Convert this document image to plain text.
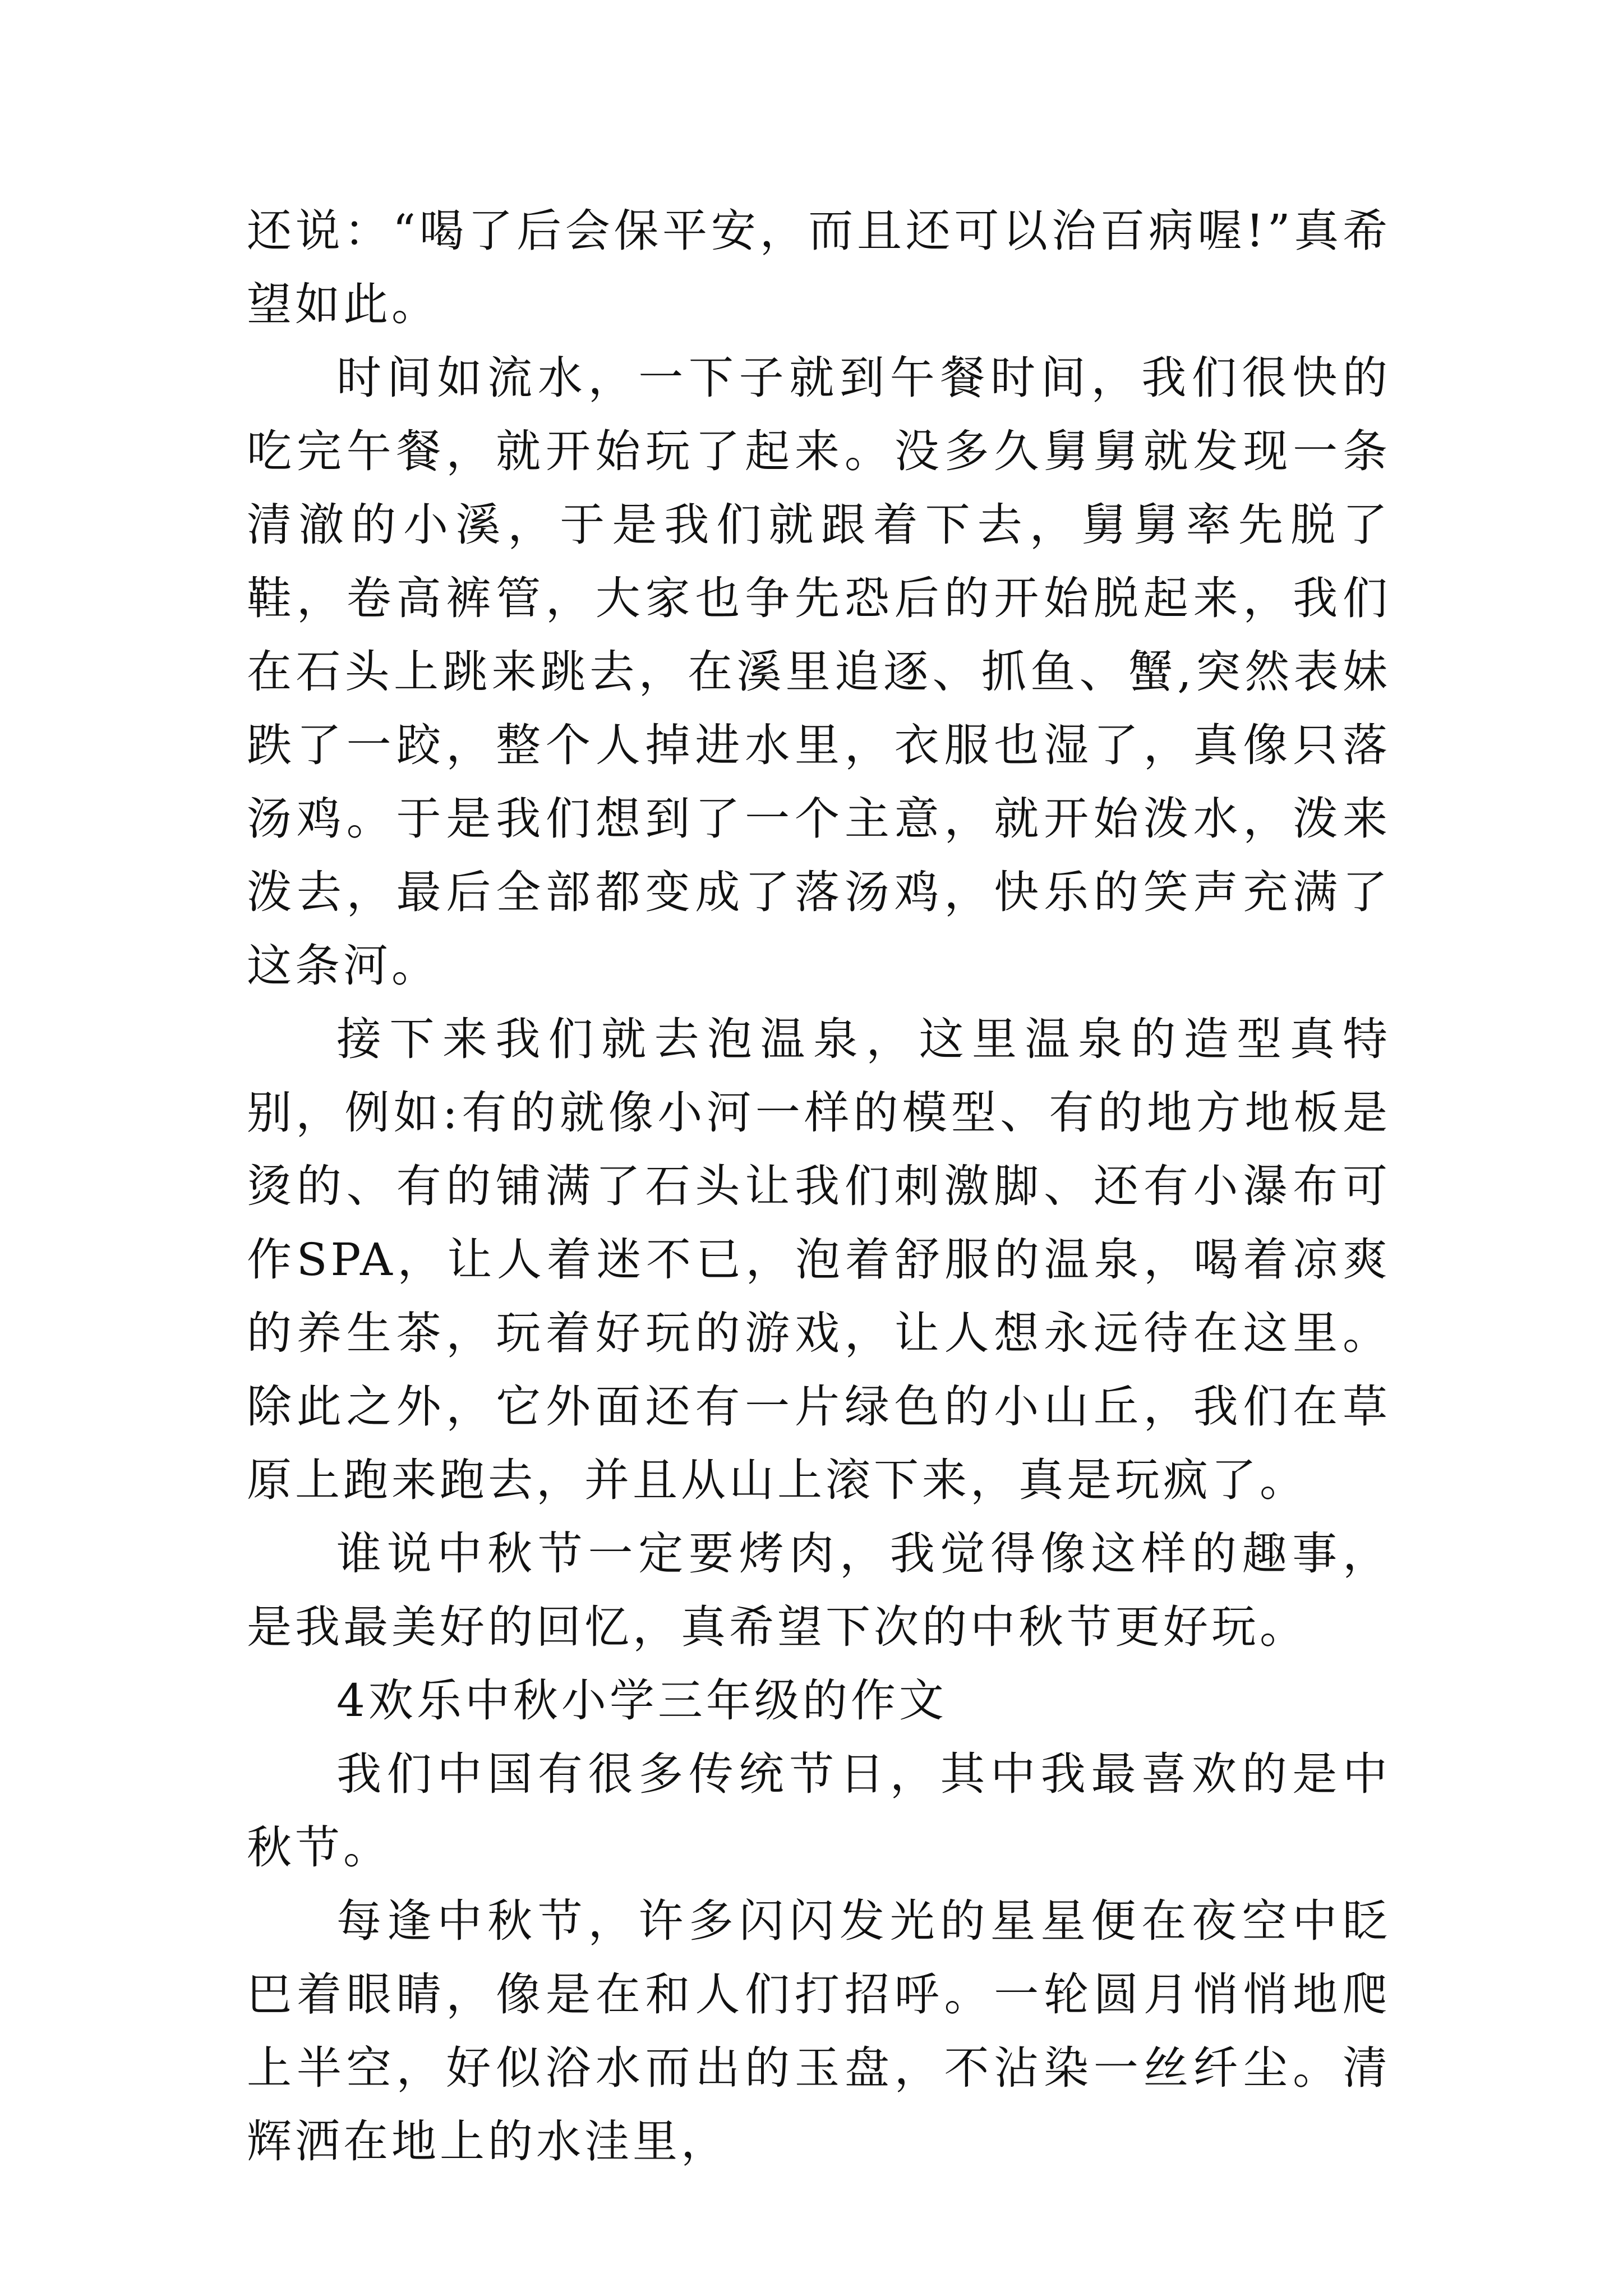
还说：“喝了后会保平安，而且还可以治百病喔!”真希望如此。

时间如流水，一下子就到午餐时间，我们很快的吃完午餐，就开始玩了起来。没多久舅舅就发现一条清澈的小溪，于是我们就跟着下去，舅舅率先脱了鞋，卷高裤管，大家也争先恐后的开始脱起来，我们在石头上跳来跳去，在溪里追逐、抓鱼、蟹,突然表妹跌了一跤，整个人掉进水里，衣服也湿了，真像只落汤鸡。于是我们想到了一个主意，就开始泼水，泼来泼去，最后全部都变成了落汤鸡，快乐的笑声充满了这条河。

接下来我们就去泡温泉，这里温泉的造型真特别，例如:有的就像小河一样的模型、有的地方地板是烫的、有的铺满了石头让我们刺激脚、还有小瀑布可作SPA，让人着迷不已，泡着舒服的温泉，喝着凉爽的养生茶，玩着好玩的游戏，让人想永远待在这里。除此之外，它外面还有一片绿色的小山丘，我们在草原上跑来跑去，并且从山上滚下来，真是玩疯了。

谁说中秋节一定要烤肉，我觉得像这样的趣事，是我最美好的回忆，真希望下次的中秋节更好玩。

4欢乐中秋小学三年级的作文

我们中国有很多传统节日，其中我最喜欢的是中秋节。

每逢中秋节，许多闪闪发光的星星便在夜空中眨巴着眼睛，像是在和人们打招呼。一轮圆月悄悄地爬上半空，好似浴水而出的玉盘，不沾染一丝纤尘。清辉洒在地上的水洼里，
